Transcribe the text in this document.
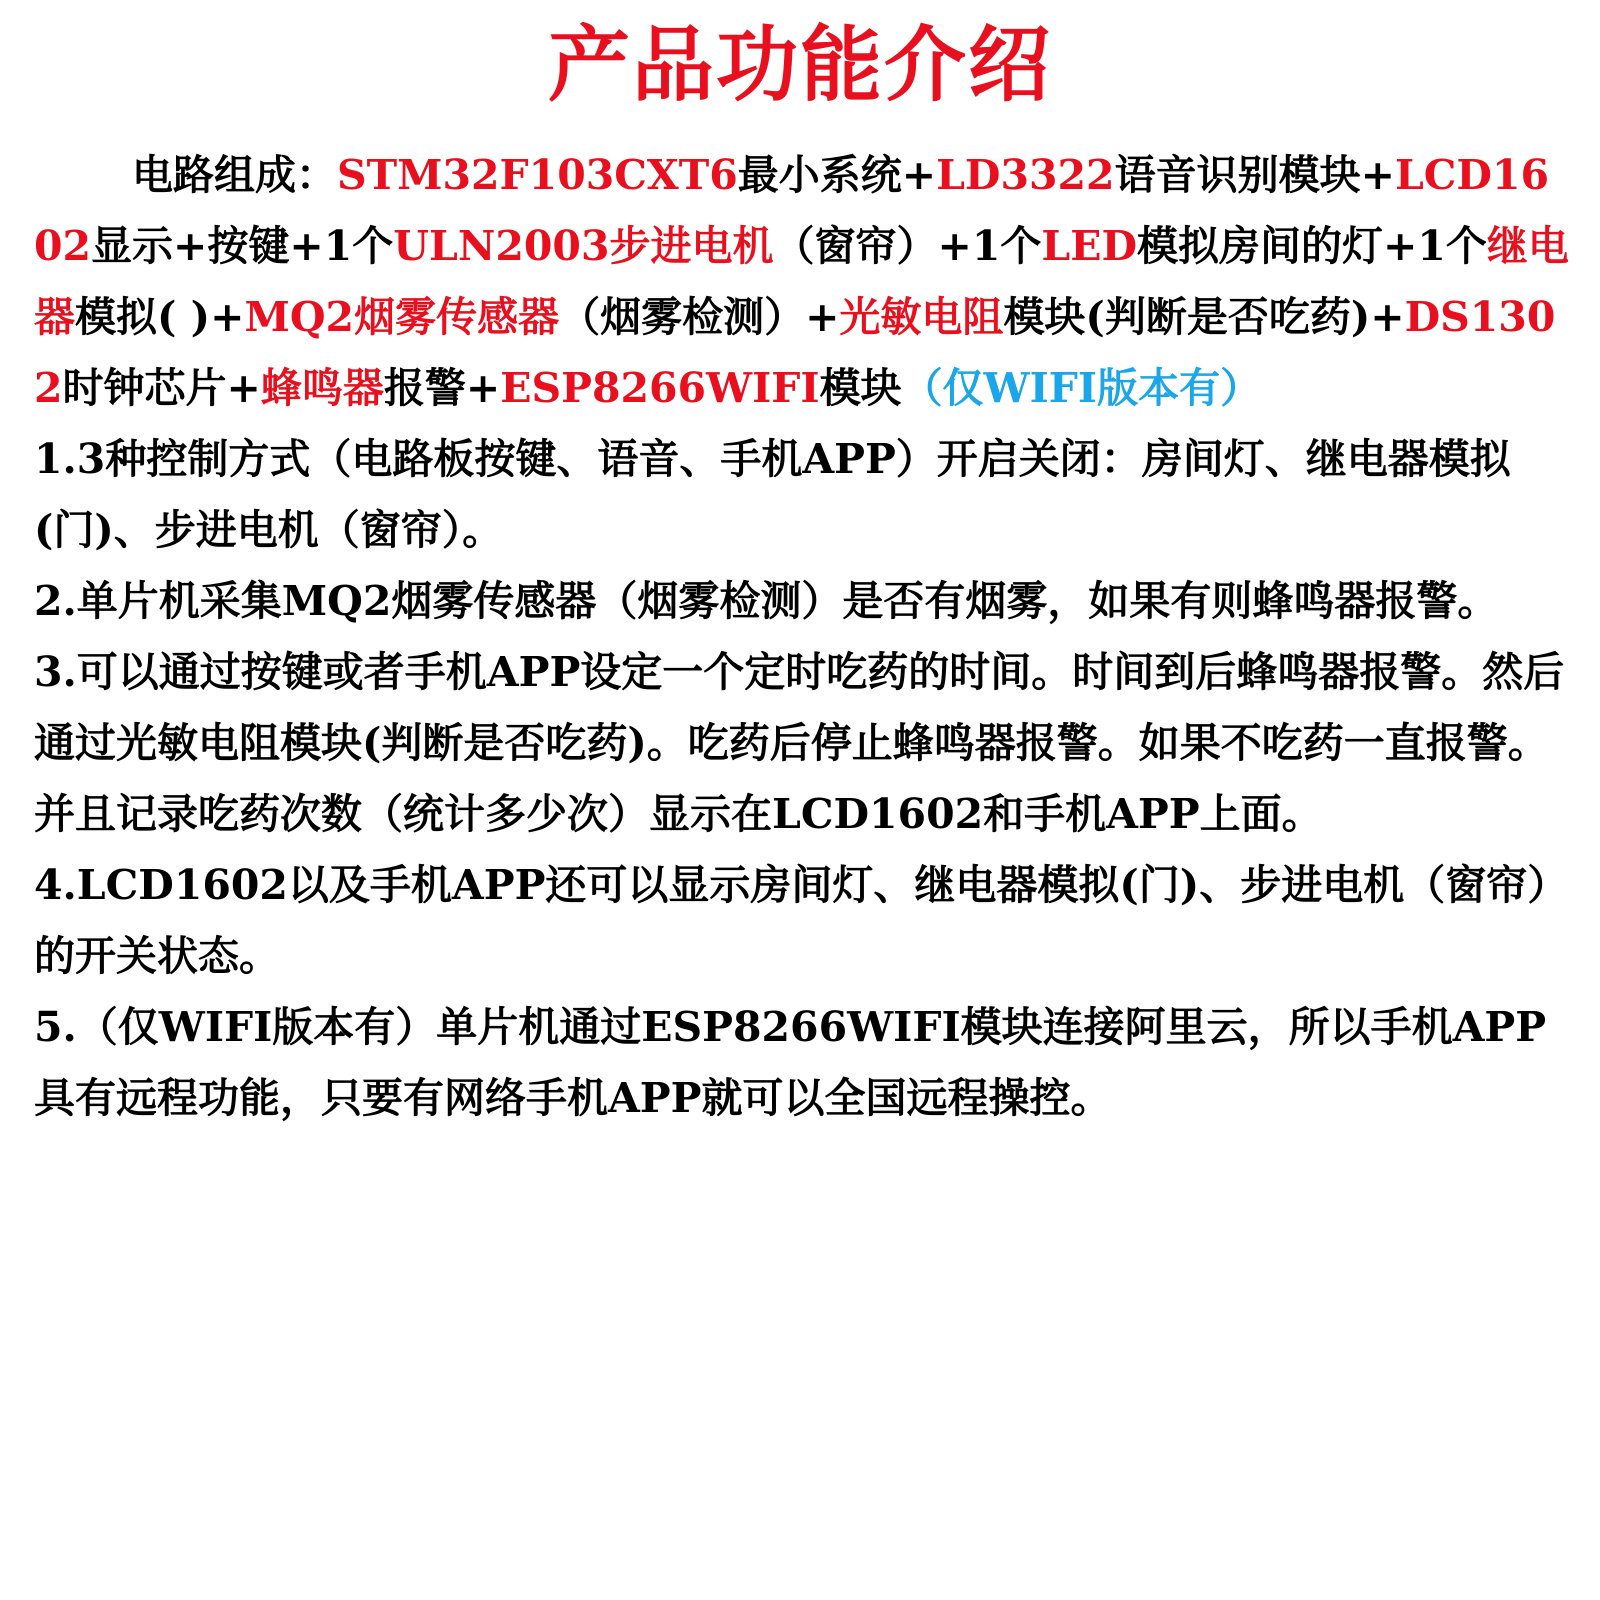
产品功能介绍

电路组成：STM32F103CXT6最小系统+LD3322语音识别模块+LCD1602显示+按键+1个ULN2003步进电机（窗帘）+1个LED模拟房间的灯+1个继电器模拟( )+MQ2烟雾传感器（烟雾检测）+光敏电阻模块(判断是否吃药)+DS1302时钟芯片+蜂鸣器报警+ESP8266WIFI模块（仅WIFI版本有）

1.3种控制方式（电路板按键、语音、手机APP）开启关闭：房间灯、继电器模拟(门)、步进电机（窗帘）。

2.单片机采集MQ2烟雾传感器（烟雾检测）是否有烟雾，如果有则蜂鸣器报警。

3.可以通过按键或者手机APP设定一个定时吃药的时间。时间到后蜂鸣器报警。然后通过光敏电阻模块(判断是否吃药)。吃药后停止蜂鸣器报警。如果不吃药一直报警。并且记录吃药次数（统计多少次）显示在LCD1602和手机APP上面。

4.LCD1602以及手机APP还可以显示房间灯、继电器模拟(门)、步进电机（窗帘）的开关状态。

5.（仅WIFI版本有）单片机通过ESP8266WIFI模块连接阿里云，所以手机APP具有远程功能，只要有网络手机APP就可以全国远程操控。
